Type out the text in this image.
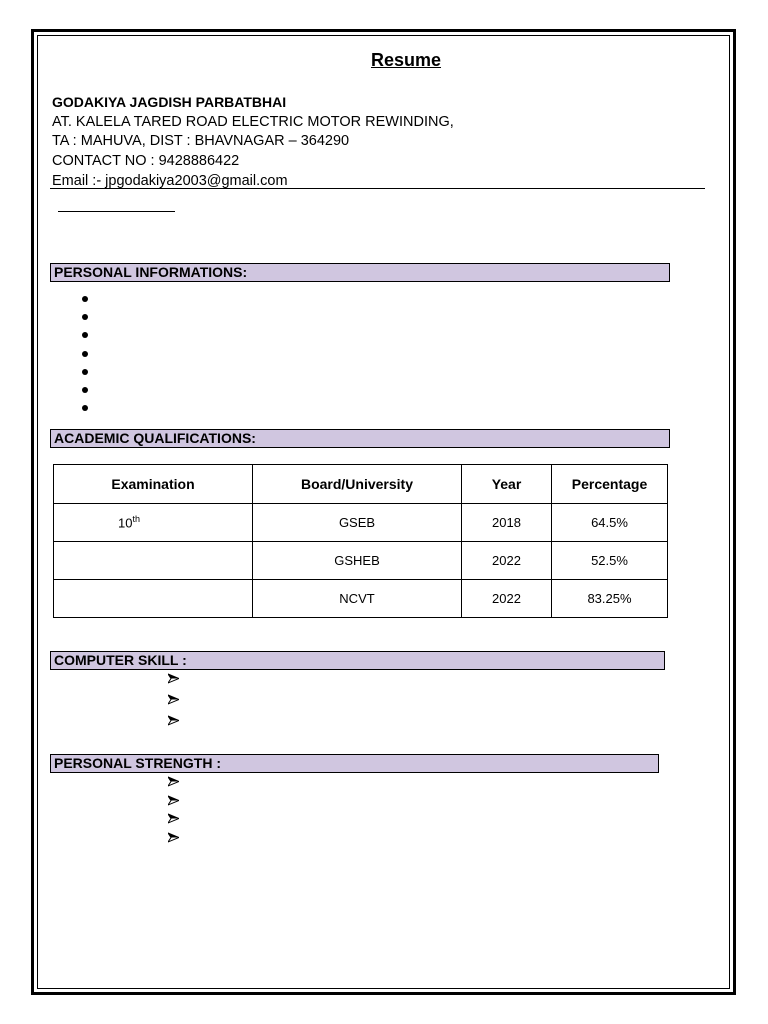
Resume
GODAKIYA JAGDISH PARBATBHAI
AT. KALELA TARED ROAD ELECTRIC MOTOR REWINDING,
TA : MAHUVA, DIST : BHAVNAGAR – 364290
CONTACT NO : 9428886422
Email :- jpgodakiya2003@gmail.com
PERSONAL INFORMATIONS:
ACADEMIC QUALIFICATIONS:
Examination	Board/University	Year	Percentage
10th	GSEB	2018	64.5%
	GSHEB	2022	52.5%
	NCVT	2022	83.25%
COMPUTER SKILL :
PERSONAL STRENGTH :
